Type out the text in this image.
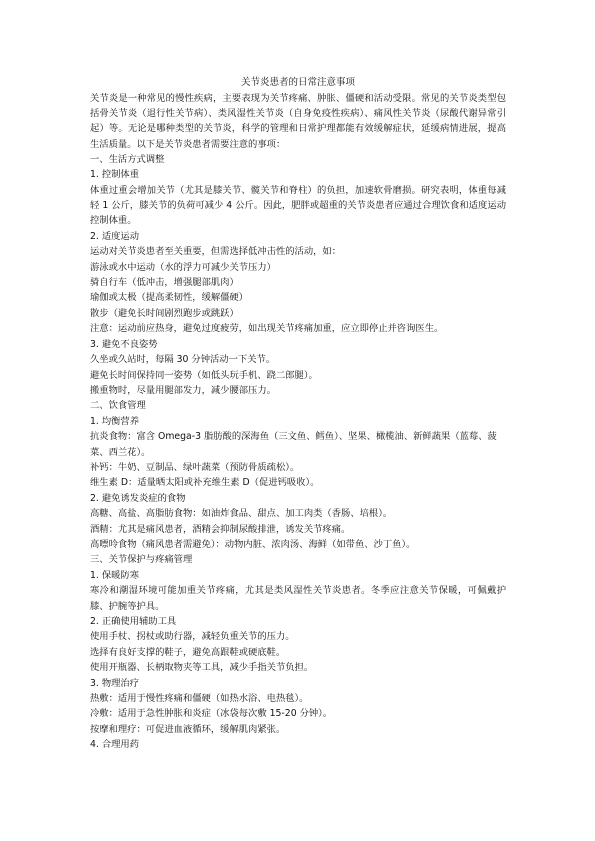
关节炎患者的日常注意事项

关节炎是一种常见的慢性疾病，主要表现为关节疼痛、肿胀、僵硬和活动受限。常见的关节炎类型包括骨关节炎（退行性关节病）、类风湿性关节炎（自身免疫性疾病）、痛风性关节炎（尿酸代谢异常引起）等。无论是哪种类型的关节炎，科学的管理和日常护理都能有效缓解症状，延缓病情进展，提高生活质量。以下是关节炎患者需要注意的事项：

一、生活方式调整

1. 控制体重

体重过重会增加关节（尤其是膝关节、髋关节和脊柱）的负担，加速软骨磨损。研究表明，体重每减轻 1 公斤，膝关节的负荷可减少 4 公斤。因此，肥胖或超重的关节炎患者应通过合理饮食和适度运动控制体重。

2. 适度运动

运动对关节炎患者至关重要，但需选择低冲击性的活动，如：

游泳或水中运动（水的浮力可减少关节压力）

骑自行车（低冲击，增强腿部肌肉）

瑜伽或太极（提高柔韧性，缓解僵硬）

散步（避免长时间剧烈跑步或跳跃）

注意：运动前应热身，避免过度疲劳，如出现关节疼痛加重，应立即停止并咨询医生。

3. 避免不良姿势

久坐或久站时，每隔 30 分钟活动一下关节。

避免长时间保持同一姿势（如低头玩手机、跷二郎腿）。

搬重物时，尽量用腿部发力，减少腰部压力。

二、饮食管理

1. 均衡营养

抗炎食物：富含 Omega-3 脂肪酸的深海鱼（三文鱼、鳕鱼）、坚果、橄榄油、新鲜蔬果（蓝莓、菠菜、西兰花）。

补钙：牛奶、豆制品、绿叶蔬菜（预防骨质疏松）。

维生素 D：适量晒太阳或补充维生素 D（促进钙吸收）。

2. 避免诱发炎症的食物

高糖、高盐、高脂肪食物：如油炸食品、甜点、加工肉类（香肠、培根）。

酒精：尤其是痛风患者，酒精会抑制尿酸排泄，诱发关节疼痛。

高嘌呤食物（痛风患者需避免）：动物内脏、浓肉汤、海鲜（如带鱼、沙丁鱼）。

三、关节保护与疼痛管理

1. 保暖防寒

寒冷和潮湿环境可能加重关节疼痛，尤其是类风湿性关节炎患者。冬季应注意关节保暖，可佩戴护膝、护腕等护具。

2. 正确使用辅助工具

使用手杖、拐杖或助行器，减轻负重关节的压力。

选择有良好支撑的鞋子，避免高跟鞋或硬底鞋。

使用开瓶器、长柄取物夹等工具，减少手指关节负担。

3. 物理治疗

热敷：适用于慢性疼痛和僵硬（如热水浴、电热毯）。

冷敷：适用于急性肿胀和炎症（冰袋每次敷 15-20 分钟）。

按摩和理疗：可促进血液循环，缓解肌肉紧张。

4. 合理用药
